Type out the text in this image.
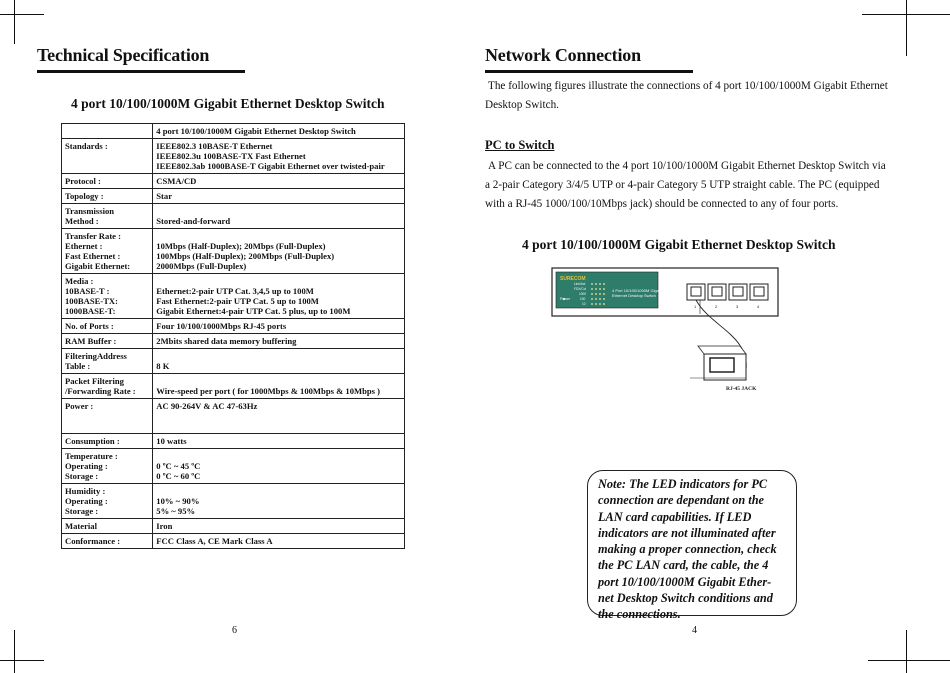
Technical Specification
4 port 10/100/1000M Gigabit Ethernet Desktop Switch
	4 port 10/100/1000M Gigabit Ethernet Desktop Switch

Standards :	IEEE802.3 10BASE-T Ethernet
IEEE802.3u 100BASE-TX Fast Ethernet
IEEE802.3ab 1000BASE-T Gigabit Ethernet over twisted-pair

Protocol :	CSMA/CD

Topology :	Star

Transmission
Method :	Stored-and-forward

Transfer Rate :
Ethernet :
Fast Ethernet :
Gigabit Ethernet:	10Mbps (Half-Duplex); 20Mbps (Full-Duplex)
100Mbps (Half-Duplex); 200Mbps (Full-Duplex)
2000Mbps (Full-Duplex)

Media :
10BASE-T :
100BASE-TX:
1000BASE-T:	Ethernet:2-pair UTP Cat. 3,4,5 up to 100M
Fast Ethernet:2-pair UTP Cat. 5 up to 100M
Gigabit Ethernet:4-pair UTP Cat. 5 plus, up to 100M

No. of Ports :	Four 10/100/1000Mbps RJ-45 ports

RAM Buffer :	2Mbits shared data memory buffering

FilteringAddress
Table :	8 K

Packet Filtering
/Forwarding Rate :	Wire-speed per port ( for 1000Mbps & 100Mbps & 10Mbps )

Power :	AC 90-264V & AC 47-63Hz

Consumption :	10 watts

Temperature :
Operating :
Storage :	0 ºC ~ 45 ºC
0 ºC ~ 60 ºC

Humidity :
Operating :
Storage :	10% ~ 90%
5% ~ 95%

Material	Iron

Conformance :	FCC Class A, CE Mark Class A
6
Network Connection
The following figures illustrate the connections of 4 port 10/100/1000M Gigabit Ethernet
Desktop Switch.
PC to Switch
A PC can be connected to the 4 port 10/100/1000M Gigabit Ethernet Desktop Switch via
a 2-pair Category 3/4/5 UTP or 4-pair Category 5 UTP straight cable. The PC (equipped
with a RJ-45 1000/100/10Mbps jack) should be connected to any of four ports.
4 port 10/100/1000M Gigabit Ethernet Desktop Switch
SURECOM
Link/Act
FDX/Col
1000
100
10
Power
4 Port 10/100/1000M Gigabit
Ethernet Desktop Switch
1	2	3	4
RJ-45 JACK
Note: The LED indicators for PC
connection are dependant on the
LAN card capabilities. If LED
indicators are not illuminated after
making a proper connection, check
the PC LAN card, the cable, the 4
port 10/100/1000M Gigabit Ether-
net Desktop Switch conditions and
the connections.
4
